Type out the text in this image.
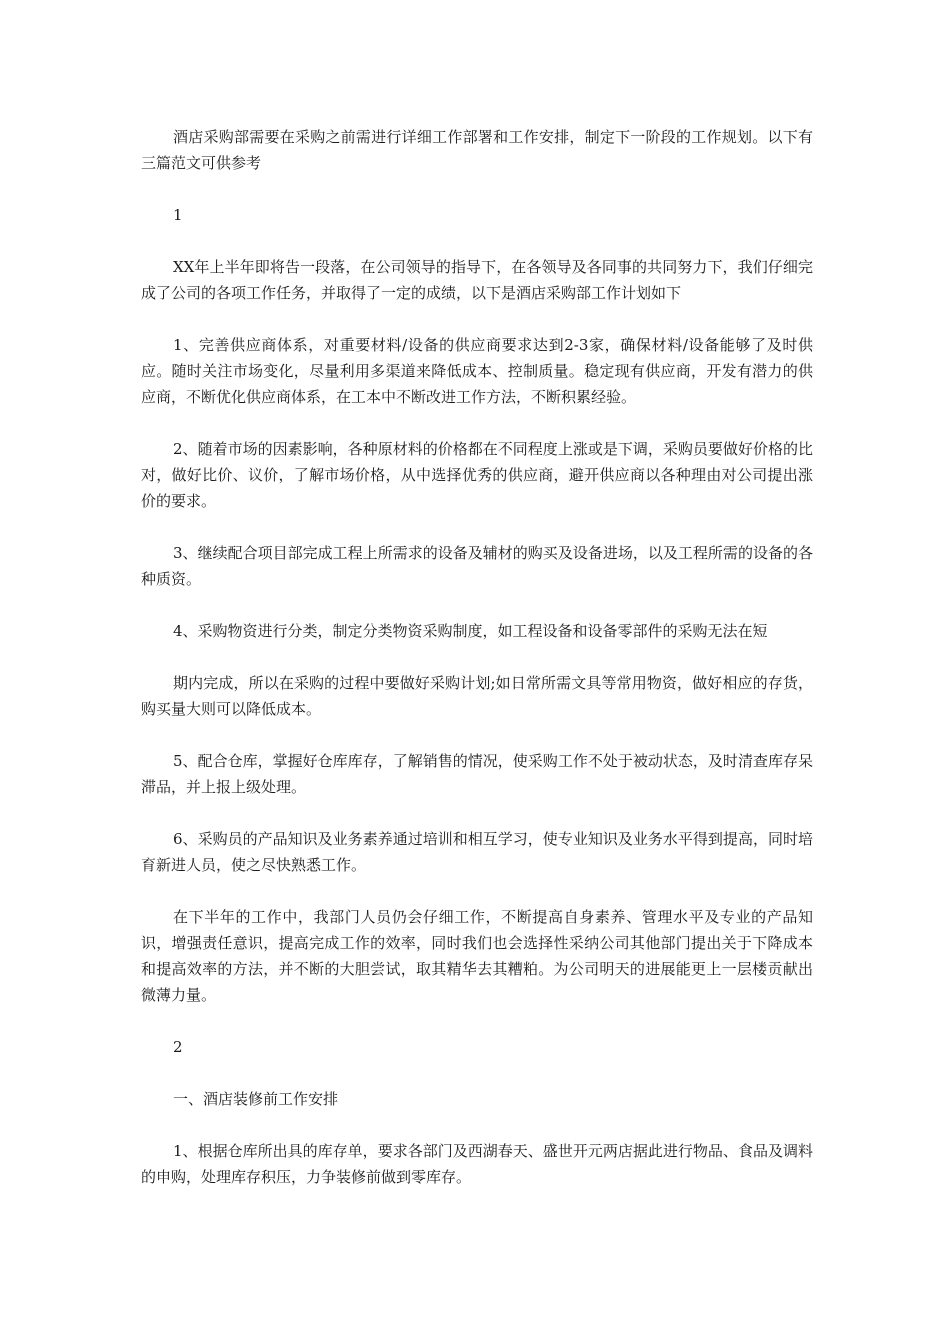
酒店采购部需要在采购之前需进行详细工作部署和工作安排，制定下一阶段的工作规划。以下有三篇范文可供参考

1

XX年上半年即将告一段落，在公司领导的指导下，在各领导及各同事的共同努力下，我们仔细完成了公司的各项工作任务，并取得了一定的成绩，以下是酒店采购部工作计划如下

1、完善供应商体系，对重要材料/设备的供应商要求达到2-3家，确保材料/设备能够了及时供应。随时关注市场变化，尽量利用多渠道来降低成本、控制质量。稳定现有供应商，开发有潜力的供应商，不断优化供应商体系，在工本中不断改进工作方法，不断积累经验。

2、随着市场的因素影响，各种原材料的价格都在不同程度上涨或是下调，采购员要做好价格的比对，做好比价、议价，了解市场价格，从中选择优秀的供应商，避开供应商以各种理由对公司提出涨价的要求。

3、继续配合项目部完成工程上所需求的设备及辅材的购买及设备进场，以及工程所需的设备的各种质资。

4、采购物资进行分类，制定分类物资采购制度，如工程设备和设备零部件的采购无法在短

期内完成，所以在采购的过程中要做好采购计划;如日常所需文具等常用物资，做好相应的存货，购买量大则可以降低成本。

5、配合仓库，掌握好仓库库存，了解销售的情况，使采购工作不处于被动状态，及时清查库存呆滞品，并上报上级处理。

6、采购员的产品知识及业务素养通过培训和相互学习，使专业知识及业务水平得到提高，同时培育新进人员，使之尽快熟悉工作。

在下半年的工作中，我部门人员仍会仔细工作，不断提高自身素养、管理水平及专业的产品知识，增强责任意识，提高完成工作的效率，同时我们也会选择性采纳公司其他部门提出关于下降成本和提高效率的方法，并不断的大胆尝试，取其精华去其糟粕。为公司明天的进展能更上一层楼贡献出微薄力量。

2

一、酒店装修前工作安排

1、根据仓库所出具的库存单，要求各部门及西湖春天、盛世开元两店据此进行物品、食品及调料的申购，处理库存积压，力争装修前做到零库存。
